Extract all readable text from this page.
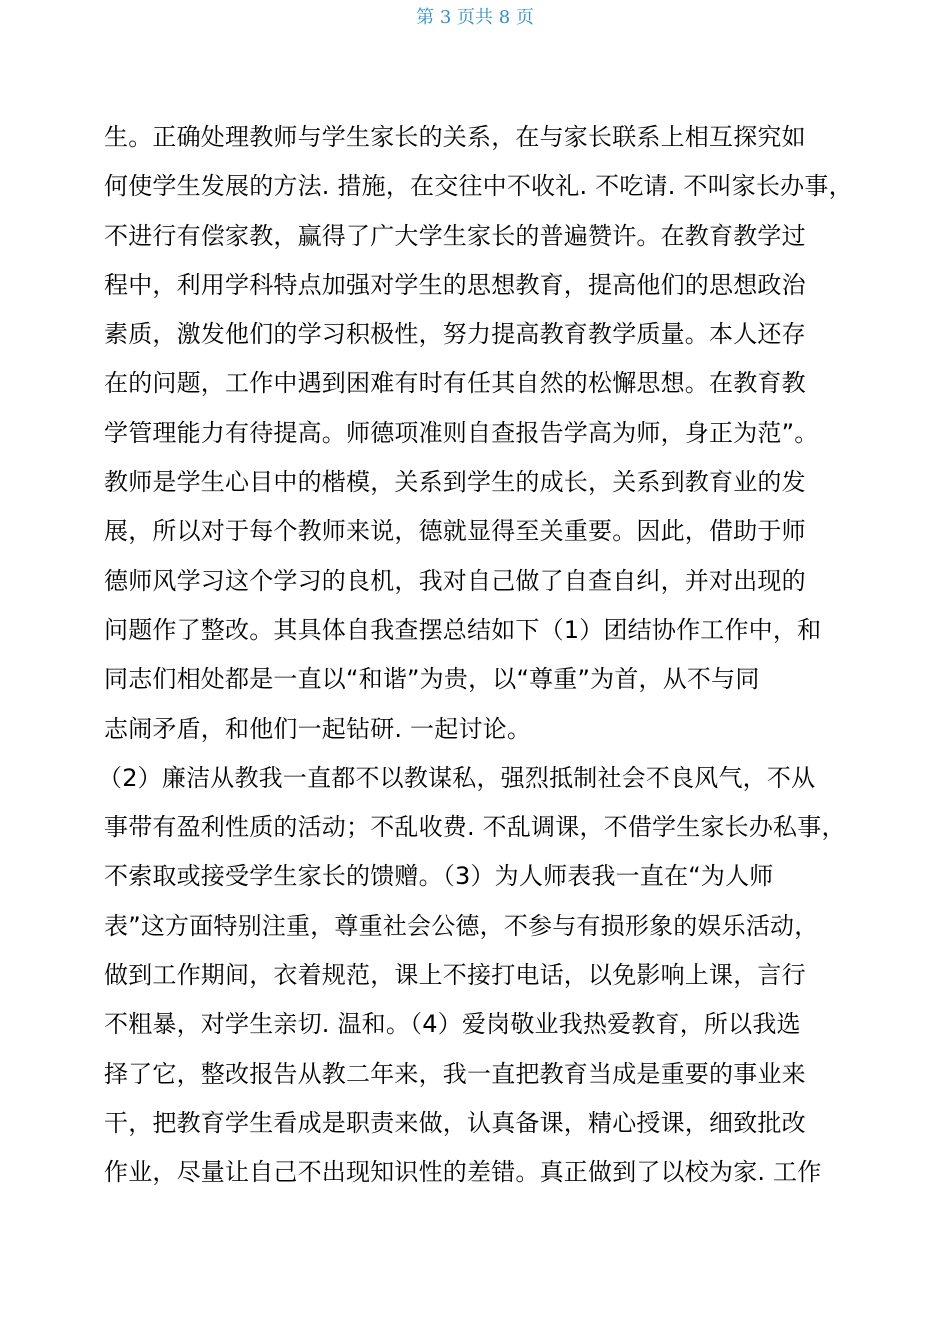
第 3 页共 8 页
生。正确处理教师与学生家长的关系，在与家长联系上相互探究如
何使学生发展的方法. 措施，在交往中不收礼. 不吃请. 不叫家长办事，
不进行有偿家教，赢得了广大学生家长的普遍赞许。在教育教学过
程中，利用学科特点加强对学生的思想教育，提高他们的思想政治
素质，激发他们的学习积极性，努力提高教育教学质量。本人还存
在的问题，工作中遇到困难有时有任其自然的松懈思想。在教育教
学管理能力有待提高。师德项准则自查报告学高为师，身正为范”。
教师是学生心目中的楷模，关系到学生的成长，关系到教育业的发
展，所以对于每个教师来说，德就显得至关重要。因此，借助于师
德师风学习这个学习的良机，我对自己做了自查自纠，并对出现的
问题作了整改。其具体自我查摆总结如下（1）团结协作工作中，和
同志们相处都是一直以“和谐”为贵，以“尊重”为首，从不与同
志闹矛盾，和他们一起钻研. 一起讨论。
（2）廉洁从教我一直都不以教谋私，强烈抵制社会不良风气，不从
事带有盈利性质的活动；不乱收费. 不乱调课，不借学生家长办私事，
不索取或接受学生家长的馈赠。（3）为人师表我一直在“为人师
表”这方面特别注重，尊重社会公德，不参与有损形象的娱乐活动，
做到工作期间，衣着规范，课上不接打电话，以免影响上课，言行
不粗暴，对学生亲切. 温和。（4）爱岗敬业我热爱教育，所以我选
择了它，整改报告从教二年来，我一直把教育当成是重要的事业来
干，把教育学生看成是职责来做，认真备课，精心授课，细致批改
作业，尽量让自己不出现知识性的差错。真正做到了以校为家. 工作
